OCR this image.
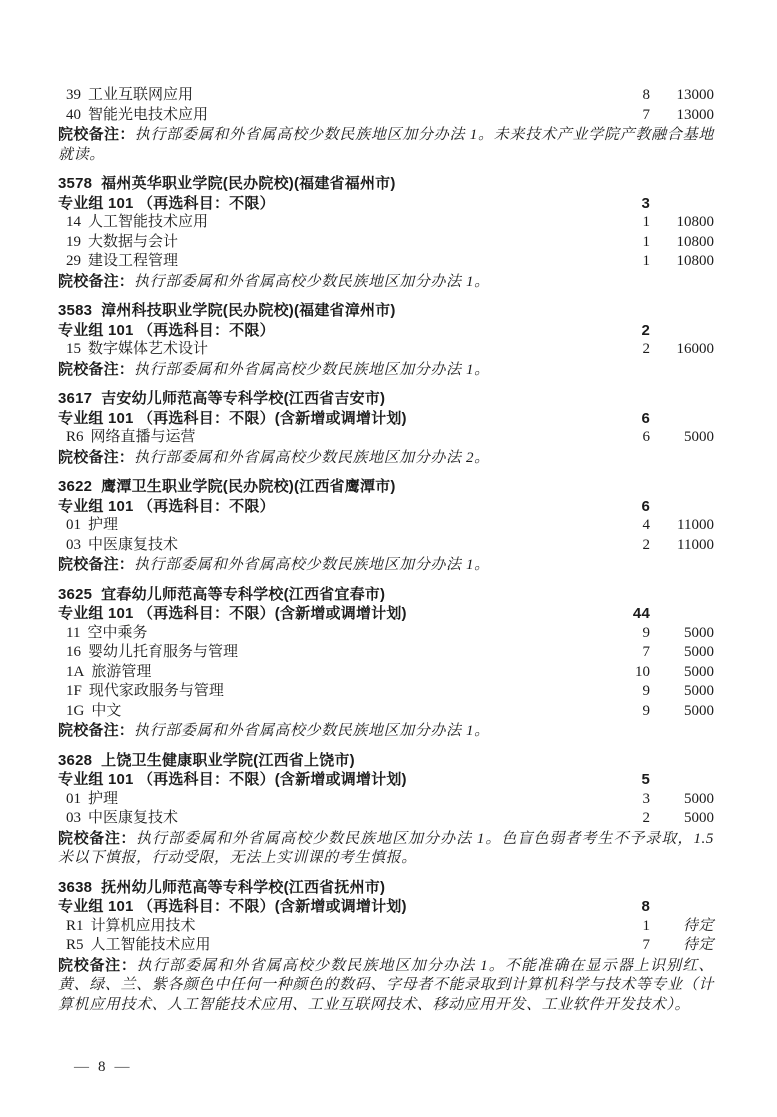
39 工业互联网应用	8	13000
40 智能光电技术应用	7	13000

院校备注：执行部委属和外省属高校少数民族地区加分办法 1。未来技术产业学院产教融合基地就读。

3578 福州英华职业学院(民办院校)(福建省福州市)
专业组 101 （再选科目：不限）	3
14 人工智能技术应用	1	10800
19 大数据与会计	1	10800
29 建设工程管理	1	10800

院校备注：执行部委属和外省属高校少数民族地区加分办法 1。

3583 漳州科技职业学院(民办院校)(福建省漳州市)
专业组 101 （再选科目：不限）	2
15 数字媒体艺术设计	2	16000

院校备注：执行部委属和外省属高校少数民族地区加分办法 1。

3617 吉安幼儿师范高等专科学校(江西省吉安市)
专业组 101 （再选科目：不限）(含新增或调增计划)	6
R6 网络直播与运营	6	5000

院校备注：执行部委属和外省属高校少数民族地区加分办法 2。

3622 鹰潭卫生职业学院(民办院校)(江西省鹰潭市)
专业组 101 （再选科目：不限）	6
01 护理	4	11000
03 中医康复技术	2	11000

院校备注：执行部委属和外省属高校少数民族地区加分办法 1。

3625 宜春幼儿师范高等专科学校(江西省宜春市)
专业组 101 （再选科目：不限）(含新增或调增计划)	44
11 空中乘务	9	5000
16 婴幼儿托育服务与管理	7	5000
1A 旅游管理	10	5000
1F 现代家政服务与管理	9	5000
1G 中文	9	5000

院校备注：执行部委属和外省属高校少数民族地区加分办法 1。

3628 上饶卫生健康职业学院(江西省上饶市)
专业组 101 （再选科目：不限）(含新增或调增计划)	5
01 护理	3	5000
03 中医康复技术	2	5000

院校备注：执行部委属和外省属高校少数民族地区加分办法 1。色盲色弱者考生不予录取，1.5 米以下慎报，行动受限，无法上实训课的考生慎报。

3638 抚州幼儿师范高等专科学校(江西省抚州市)
专业组 101 （再选科目：不限）(含新增或调增计划)	8
R1 计算机应用技术	1	待定
R5 人工智能技术应用	7	待定

院校备注：执行部委属和外省属高校少数民族地区加分办法 1。不能准确在显示器上识别红、黄、绿、兰、紫各颜色中任何一种颜色的数码、字母者不能录取到计算机科学与技术等专业（计算机应用技术、人工智能技术应用、工业互联网技术、移动应用开发、工业软件开发技术）。

— 8 —
